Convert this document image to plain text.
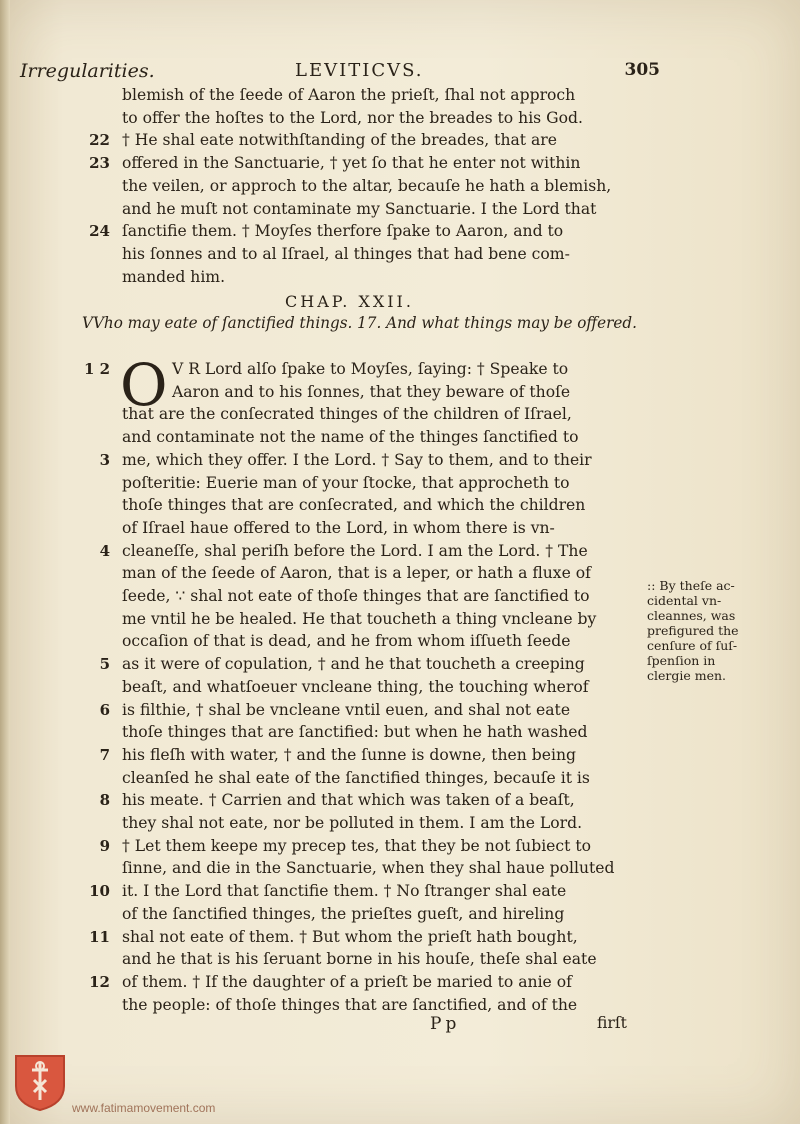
Irregularities.	LEVITICVS.	305
blemish of the ſeede of Aaron the prieſt, ſhal not approch
to offer the hoſtes to the Lord, nor the breades to his God.
22 † He shal eate notwithſtanding of the breades, that are
23 offered in the Sanctuarie, † yet ſo that he enter not within
the veilen, or approch to the altar, becauſe he hath a blemish,
and he muſt not contaminate my Sanctuarie. I the Lord that
24 ſanctifie them. † Moyſes therfore ſpake to Aaron, and to
his ſonnes and to al Iſrael, al thinges that had bene com-
manded him.
CHAP. XXII.
VVho may eate of ſanctified things. 17. And what things may be offered.
O
1 2	V R Lord alſo ſpake to Moyſes, ſaying: † Speake to
Aaron and to his ſonnes, that they beware of thoſe
that are the conſecrated thinges of the children of Iſrael,
and contaminate not the name of the thinges ſanctified to
3 me, which they offer. I the Lord. † Say to them, and to their
poſteritie: Euerie man of your ſtocke, that approcheth to
thoſe thinges that are conſecrated, and which the children
of Iſrael haue offered to the Lord, in whom there is vn-
4 cleaneſſe, shal periſh before the Lord. I am the Lord. † The
man of the ſeede of Aaron, that is a leper, or hath a fluxe of
ſeede, ∵ shal not eate of thoſe thinges that are ſanctified to
me vntil he be healed. He that toucheth a thing vncleane by
occaſion of that is dead, and he from whom iſſueth ſeede
5 as it were of copulation, † and he that toucheth a creeping
beaſt, and whatſoeuer vncleane thing, the touching wherof
6 is filthie, † shal be vncleane vntil euen, and shal not eate
thoſe thinges that are ſanctified: but when he hath washed
7 his fleſh with water, † and the ſunne is downe, then being
cleanſed he shal eate of the ſanctified thinges, becauſe it is
8 his meate. † Carrien and that which was taken of a beaſt,
they shal not eate, nor be polluted in them. I am the Lord.
9 † Let them keepe my precep tes, that they be not ſubiect to
ſinne, and die in the Sanctuarie, when they shal haue polluted
10 it. I the Lord that ſanctifie them. † No ſtranger shal eate
of the ſanctified thinges, the prieſtes gueſt, and hireling
11 shal not eate of them. † But whom the prieſt hath bought,
and he that is his ſeruant borne in his houſe, theſe shal eate
12 of them. † If the daughter of a prieſt be maried to anie of
the people: of thoſe thinges that are ſanctified, and of the
:: By theſe ac-
cidental vn-
cleannes, was
prefigured the
cenſure of ſuſ-
ſpenſion in
clergie men.
Pp	firſt
www.fatimamovement.com
